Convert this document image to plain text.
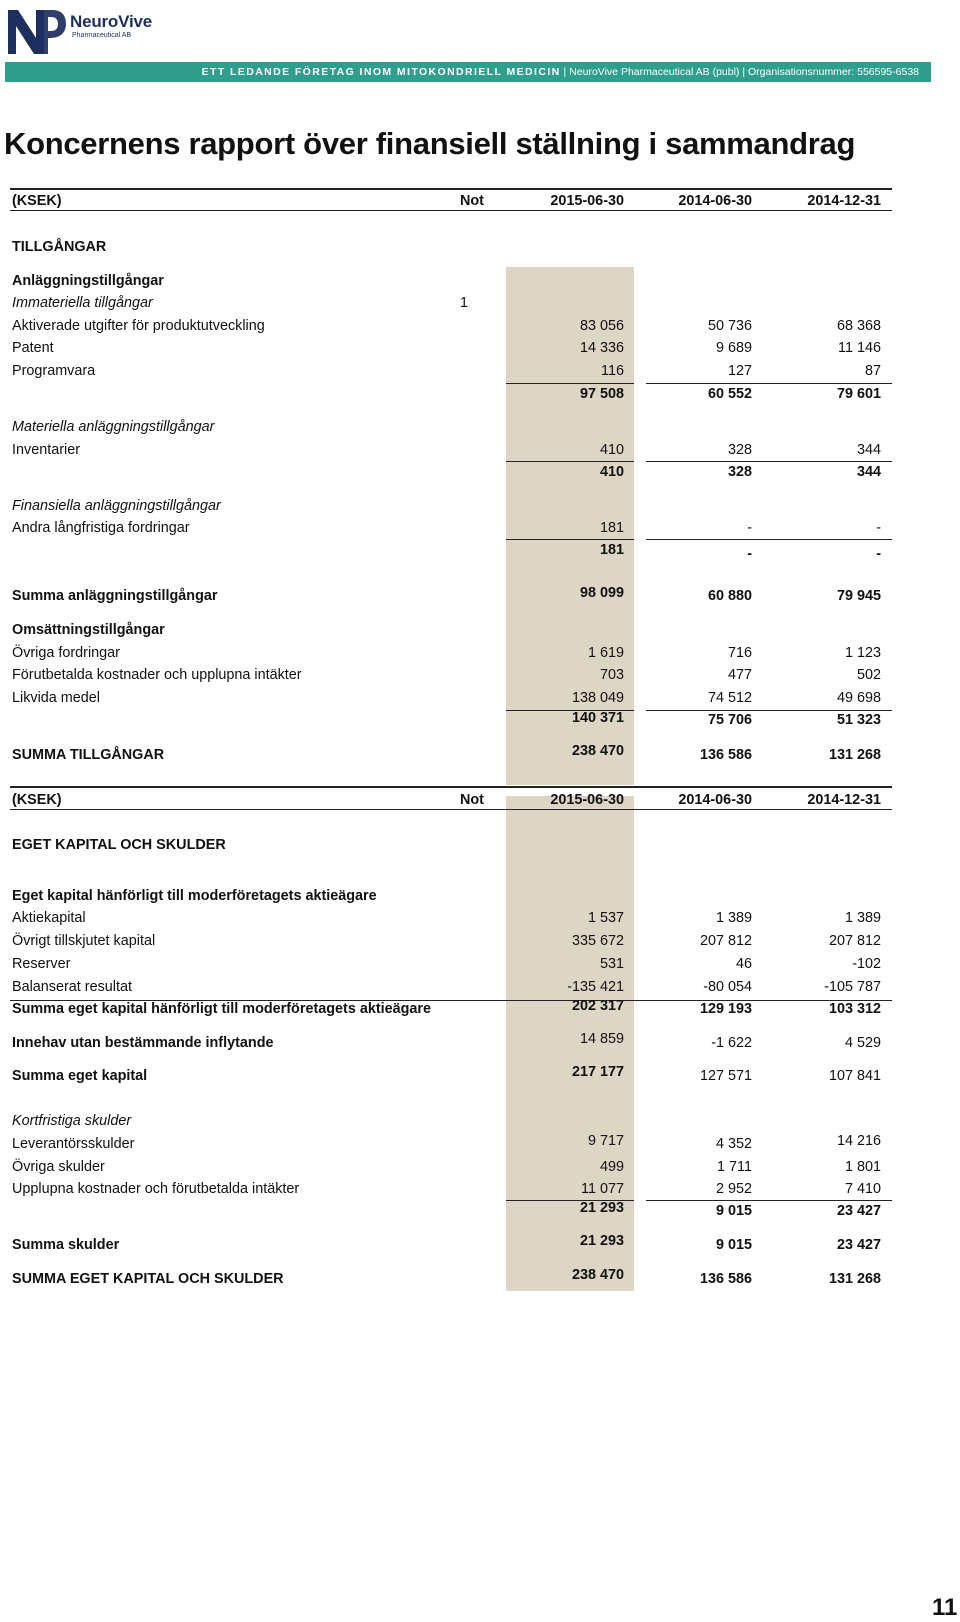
NeuroVive
Pharmaceutical AB
ETT LEDANDE FÖRETAG INOM MITOKONDRIELL MEDICIN | NeuroVive Pharmaceutical AB (publ) | Organisationsnummer: 556595-6538
Koncernens rapport över finansiell ställning i sammandrag
(KSEK)	Not	2015-06-30	2014-06-30	2014-12-31
TILLGÅNGAR
Anläggningstillgångar
Immateriella tillgångar	1
Aktiverade utgifter för produktutveckling	83 056	50 736	68 368
Patent	14 336	9 689	11 146
Programvara	116	127	87
97 508	60 552	79 601
Materiella anläggningstillgångar
Inventarier	410	328	344
410	328	344
Finansiella anläggningstillgångar
Andra långfristiga fordringar	181	-	-
181	-	-
Summa anläggningstillgångar	98 099	60 880	79 945
Omsättningstillgångar
Övriga fordringar	1 619	716	1 123
Förutbetalda kostnader och upplupna intäkter	703	477	502
Likvida medel	138 049	74 512	49 698
140 371	75 706	51 323
SUMMA TILLGÅNGAR	238 470	136 586	131 268
(KSEK)	Not	2015-06-30	2014-06-30	2014-12-31
EGET KAPITAL OCH SKULDER
Eget kapital hänförligt till moderföretagets aktieägare
Aktiekapital	1 537	1 389	1 389
Övrigt tillskjutet kapital	335 672	207 812	207 812
Reserver	531	46	-102
Balanserat resultat	-135 421	-80 054	-105 787
Summa eget kapital hänförligt till moderföretagets aktieägare	202 317	129 193	103 312
Innehav utan bestämmande inflytande	14 859	-1 622	4 529
Summa eget kapital	217 177	127 571	107 841
Kortfristiga skulder
Leverantörsskulder	9 717	4 352	14 216
Övriga skulder	499	1 711	1 801
Upplupna kostnader och förutbetalda intäkter	11 077	2 952	7 410
21 293	9 015	23 427
Summa skulder	21 293	9 015	23 427
SUMMA EGET KAPITAL OCH SKULDER	238 470	136 586	131 268
11
